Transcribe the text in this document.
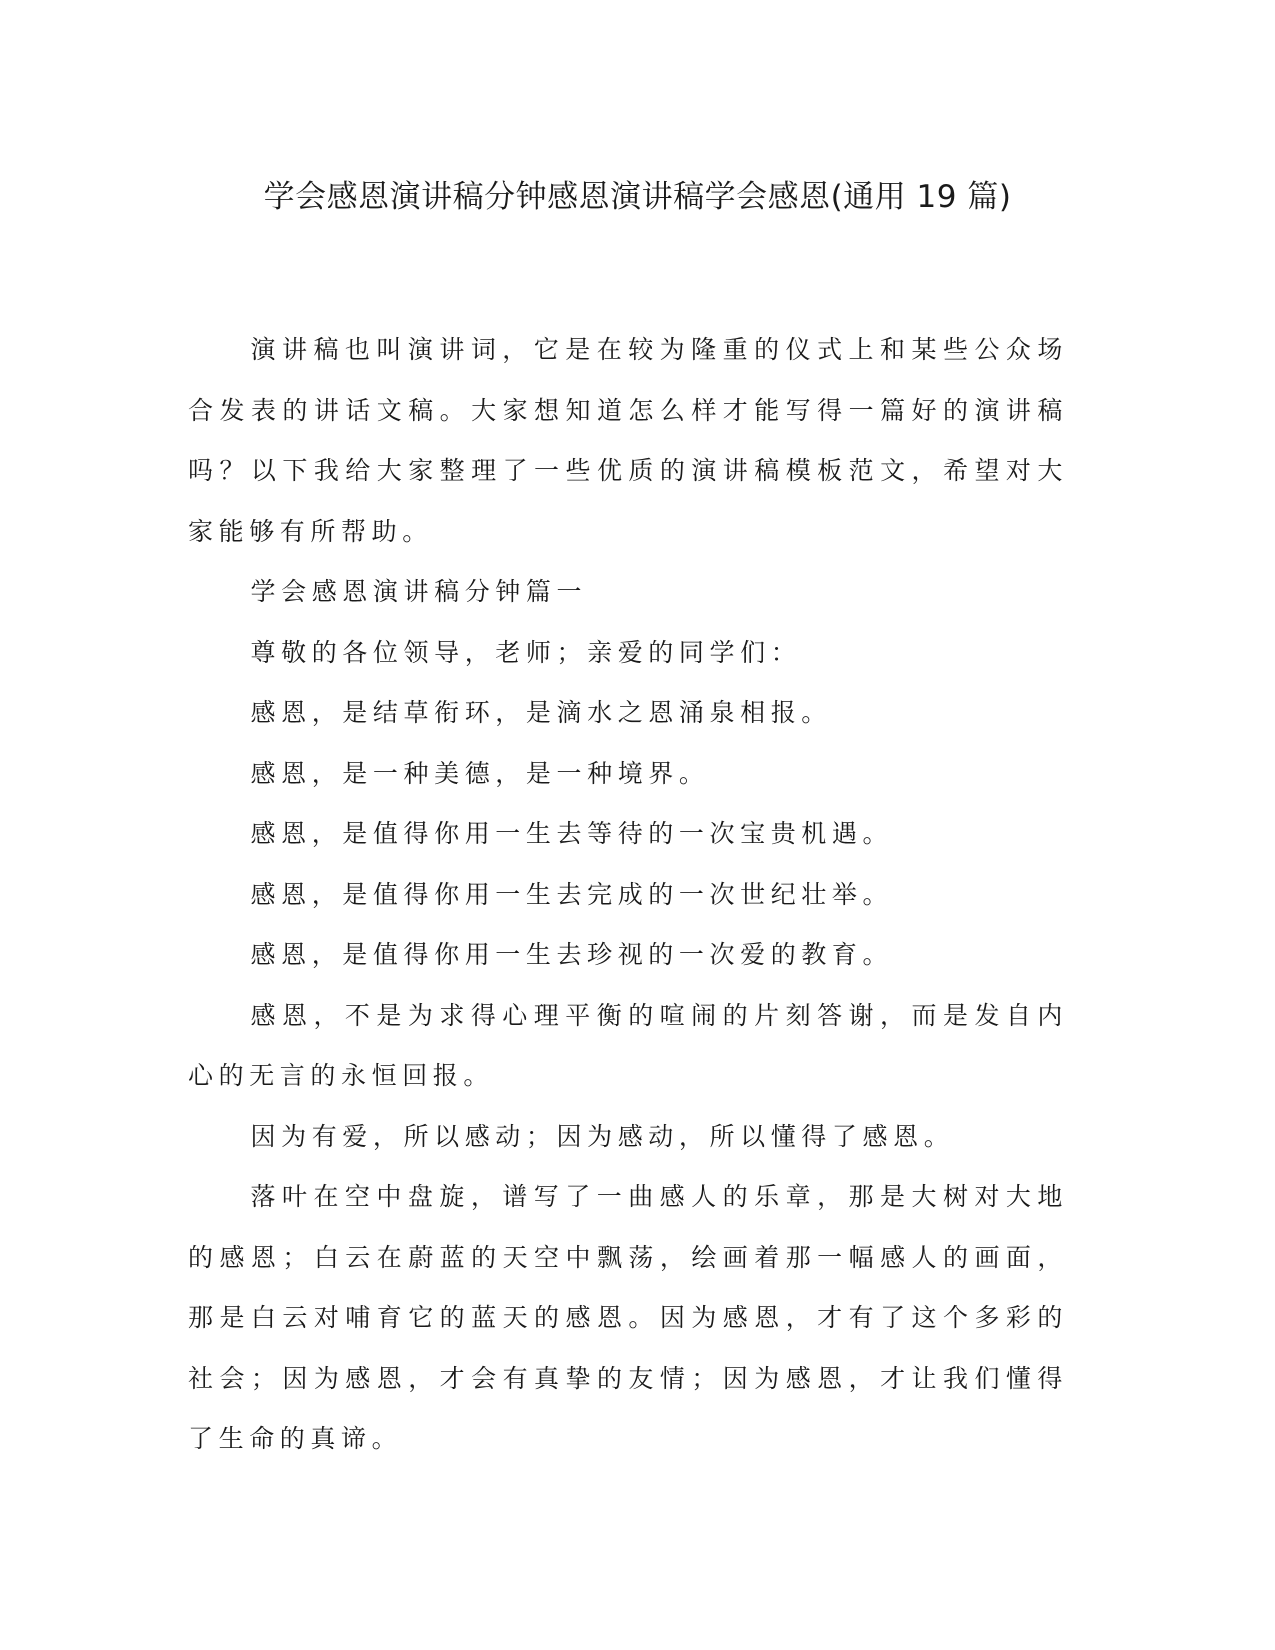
学会感恩演讲稿分钟感恩演讲稿学会感恩(通用 19 篇)

演讲稿也叫演讲词，它是在较为隆重的仪式上和某些公众场合发表的讲话文稿。大家想知道怎么样才能写得一篇好的演讲稿吗？以下我给大家整理了一些优质的演讲稿模板范文，希望对大家能够有所帮助。

学会感恩演讲稿分钟篇一

尊敬的各位领导，老师；亲爱的同学们：

感恩，是结草衔环，是滴水之恩涌泉相报。

感恩，是一种美德，是一种境界。

感恩，是值得你用一生去等待的一次宝贵机遇。

感恩，是值得你用一生去完成的一次世纪壮举。

感恩，是值得你用一生去珍视的一次爱的教育。

感恩，不是为求得心理平衡的喧闹的片刻答谢，而是发自内心的无言的永恒回报。

因为有爱，所以感动；因为感动，所以懂得了感恩。

落叶在空中盘旋，谱写了一曲感人的乐章，那是大树对大地的感恩；白云在蔚蓝的天空中飘荡，绘画着那一幅感人的画面，那是白云对哺育它的蓝天的感恩。因为感恩，才有了这个多彩的社会；因为感恩，才会有真挚的友情；因为感恩，才让我们懂得了生命的真谛。
